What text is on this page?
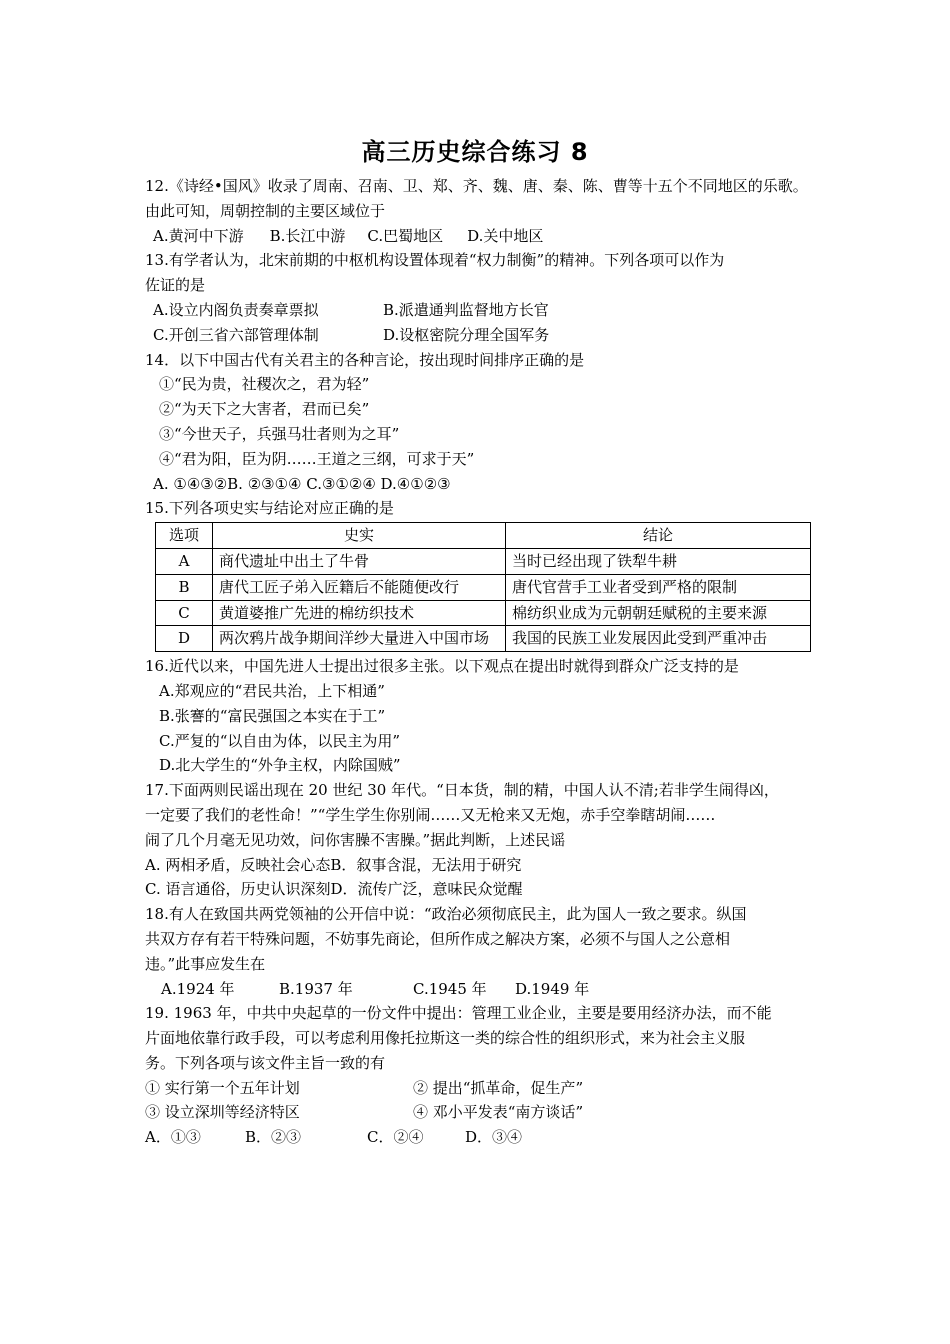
高三历史综合练习 8
12.《诗经•国风》收录了周南、召南、卫、郑、齐、魏、唐、秦、陈、曹等十五个不同地区的乐歌。
由此可知，周朝控制的主要区域位于
A.黄河中下游 B.长江中游 C.巴蜀地区 D.关中地区
13.有学者认为，北宋前期的中枢机构设置体现着“权力制衡”的精神。下列各项可以作为
佐证的是
A.设立内阁负责奏章票拟	B.派遣通判监督地方长官
C.开创三省六部管理体制	D.设枢密院分理全国军务
14．以下中国古代有关君主的各种言论，按出现时间排序正确的是
①“民为贵，社稷次之，君为轻”
②“为天下之大害者，君而已矣”
③“今世天子，兵强马壮者则为之耳”
④“君为阳，臣为阴……王道之三纲，可求于天”
A. ①④③②B. ②③①④ C.③①②④ D.④①②③
15.下列各项史实与结论对应正确的是
选项	史实	结论
A	商代遗址中出土了牛骨	当时已经出现了铁犁牛耕
B	唐代工匠子弟入匠籍后不能随便改行	唐代官营手工业者受到严格的限制
C	黄道婆推广先进的棉纺织技术	棉纺织业成为元朝朝廷赋税的主要来源
D	两次鸦片战争期间洋纱大量进入中国市场	我国的民族工业发展因此受到严重冲击
16.近代以来，中国先进人士提出过很多主张。以下观点在提出时就得到群众广泛支持的是
A.郑观应的“君民共治，上下相通”
B.张謇的“富民强国之本实在于工”
C.严复的“以自由为体，以民主为用”
D.北大学生的“外争主权，内除国贼”
17.下面两则民谣出现在 20 世纪 30 年代。“日本货，制的精，中国人认不清;若非学生闹得凶，
一定要了我们的老性命！”“学生学生你别闹……又无枪来又无炮，赤手空拳瞎胡闹……
闹了几个月毫无见功效，问你害臊不害臊。”据此判断，上述民谣
A. 两相矛盾，反映社会心态B．叙事含混，无法用于研究
C. 语言通俗，历史认识深刻D．流传广泛，意味民众觉醒
18.有人在致国共两党领袖的公开信中说：“政治必须彻底民主，此为国人一致之要求。纵国
共双方存有若干特殊问题，不妨事先商论，但所作成之解决方案，必须不与国人之公意相
违。”此事应发生在
A.1924 年	B.1937 年	C.1945 年 D.1949 年
19. 1963 年，中共中央起草的一份文件中提出：管理工业企业，主要是要用经济办法，而不能
片面地依靠行政手段，可以考虑利用像托拉斯这一类的综合性的组织形式，来为社会主义服
务。下列各项与该文件主旨一致的有
① 实行第一个五年计划	② 提出“抓革命，促生产”
③ 设立深圳等经济特区	④ 邓小平发表“南方谈话”
A．①③	B．②③	C．②④	D．③④
